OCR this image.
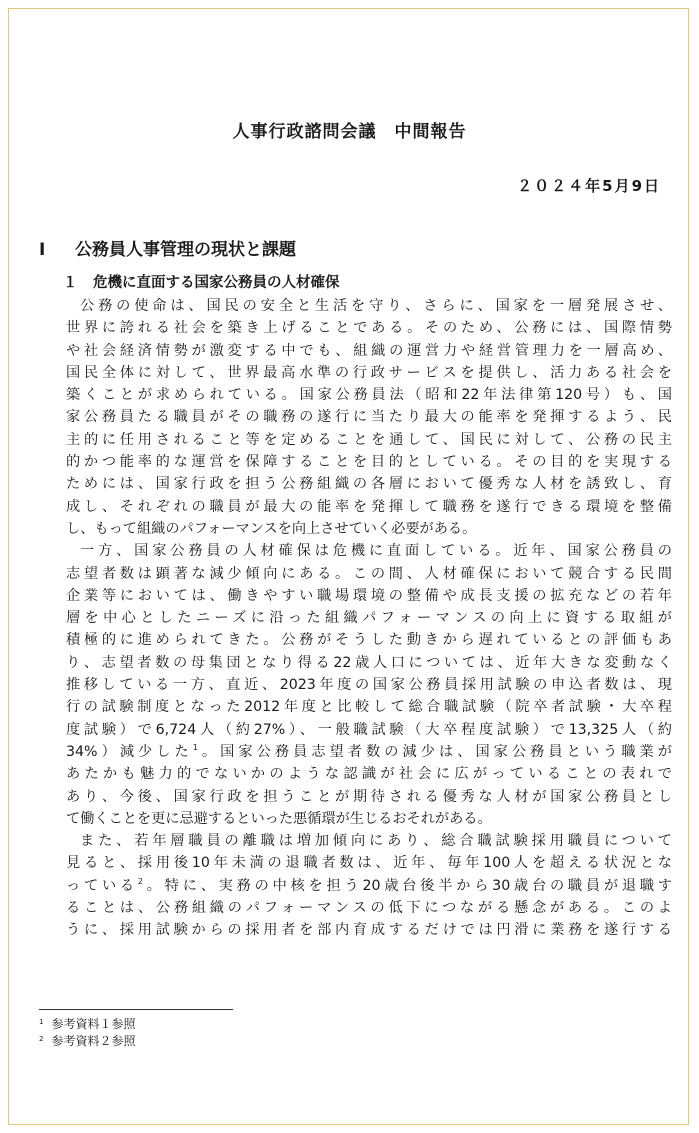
人事行政諮問会議　中間報告
２０２４年5月9日
Ⅰ 公務員人事管理の現状と課題
１ 危機に直面する国家公務員の人材確保
公務の使命は、国民の安全と生活を守り、さらに、国家を一層発展させ、
世界に誇れる社会を築き上げることである。そのため、公務には、国際情勢
や社会経済情勢が激変する中でも、組織の運営力や経営管理力を一層高め、
国民全体に対して、世界最高水準の行政サービスを提供し、活力ある社会を
築くことが求められている。国家公務員法（昭和22年法律第120号）も、国
家公務員たる職員がその職務の遂行に当たり最大の能率を発揮するよう、民
主的に任用されること等を定めることを通して、国民に対して、公務の民主
的かつ能率的な運営を保障することを目的としている。その目的を実現する
ためには、国家行政を担う公務組織の各層において優秀な人材を誘致し、育
成し、それぞれの職員が最大の能率を発揮して職務を遂行できる環境を整備
し、もって組織のパフォーマンスを向上させていく必要がある。
一方、国家公務員の人材確保は危機に直面している。近年、国家公務員の
志望者数は顕著な減少傾向にある。この間、人材確保において競合する民間
企業等においては、働きやすい職場環境の整備や成長支援の拡充などの若年
層を中心としたニーズに沿った組織パフォーマンスの向上に資する取組が
積極的に進められてきた。公務がそうした動きから遅れているとの評価もあ
り、志望者数の母集団となり得る22歳人口については、近年大きな変動なく
推移している一方、直近、2023年度の国家公務員採用試験の申込者数は、現
行の試験制度となった2012年度と比較して総合職試験（院卒者試験・大卒程
度試験）で6,724人（約27%）、一般職試験（大卒程度試験）で13,325人（約
34%）減少した$^1$。国家公務員志望者数の減少は、国家公務員という職業が
あたかも魅力的でないかのような認識が社会に広がっていることの表れで
あり、今後、国家行政を担うことが期待される優秀な人材が国家公務員とし
て働くことを更に忌避するといった悪循環が生じるおそれがある。
また、若年層職員の離職は増加傾向にあり、総合職試験採用職員について
見ると、採用後10年未満の退職者数は、近年、毎年100人を超える状況とな
っている$^2$。特に、実務の中核を担う20歳台後半から30歳台の職員が退職す
ることは、公務組織のパフォーマンスの低下につながる懸念がある。このよ
うに、採用試験からの採用者を部内育成するだけでは円滑に業務を遂行する
$^1$ 参考資料１参照
$^2$ 参考資料２参照
